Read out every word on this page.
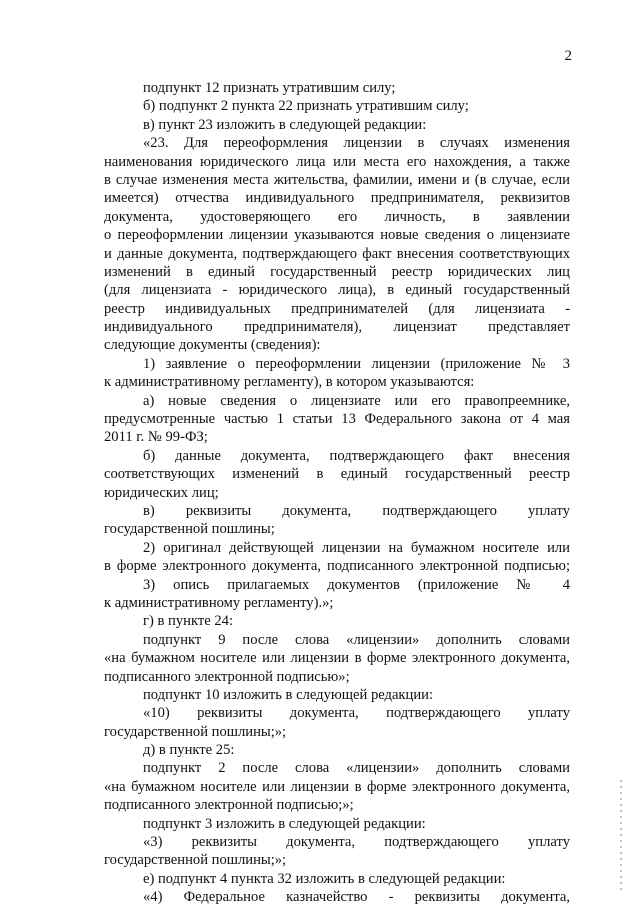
2
подпункт 12 признать утратившим силу;
б) подпункт 2 пункта 22 признать утратившим силу;
в) пункт 23 изложить в следующей редакции:
«23. Для переоформления лицензии в случаях изменения
наименования юридического лица или места его нахождения, а также
в случае изменения места жительства, фамилии, имени и (в случае, если
имеется) отчества индивидуального предпринимателя, реквизитов
документа, удостоверяющего его личность, в заявлении
о переоформлении лицензии указываются новые сведения о лицензиате
и данные документа, подтверждающего факт внесения соответствующих
изменений в единый государственный реестр юридических лиц
(для лицензиата - юридического лица), в единый государственный
реестр индивидуальных предпринимателей (для лицензиата -
индивидуального предпринимателя), лицензиат представляет
следующие документы (сведения):
1) заявление о переоформлении лицензии (приложение № 3
к административному регламенту), в котором указываются:
а) новые сведения о лицензиате или его правопреемнике,
предусмотренные частью 1 статьи 13 Федерального закона от 4 мая
2011 г. № 99-ФЗ;
б) данные документа, подтверждающего факт внесения
соответствующих изменений в единый государственный реестр
юридических лиц;
в) реквизиты документа, подтверждающего уплату
государственной пошлины;
2) оригинал действующей лицензии на бумажном носителе или
в форме электронного документа, подписанного электронной подписью;
3) опись прилагаемых документов (приложение № 4
к административному регламенту).»;
г) в пункте 24:
подпункт 9 после слова «лицензии» дополнить словами
«на бумажном носителе или лицензии в форме электронного документа,
подписанного электронной подписью»;
подпункт 10 изложить в следующей редакции:
«10) реквизиты документа, подтверждающего уплату
государственной пошлины;»;
д) в пункте 25:
подпункт 2 после слова «лицензии» дополнить словами
«на бумажном носителе или лицензии в форме электронного документа,
подписанного электронной подписью;»;
подпункт 3 изложить в следующей редакции:
«3) реквизиты документа, подтверждающего уплату
государственной пошлины;»;
е) подпункт 4 пункта 32 изложить в следующей редакции:
«4) Федеральное казначейство - реквизиты документа,
